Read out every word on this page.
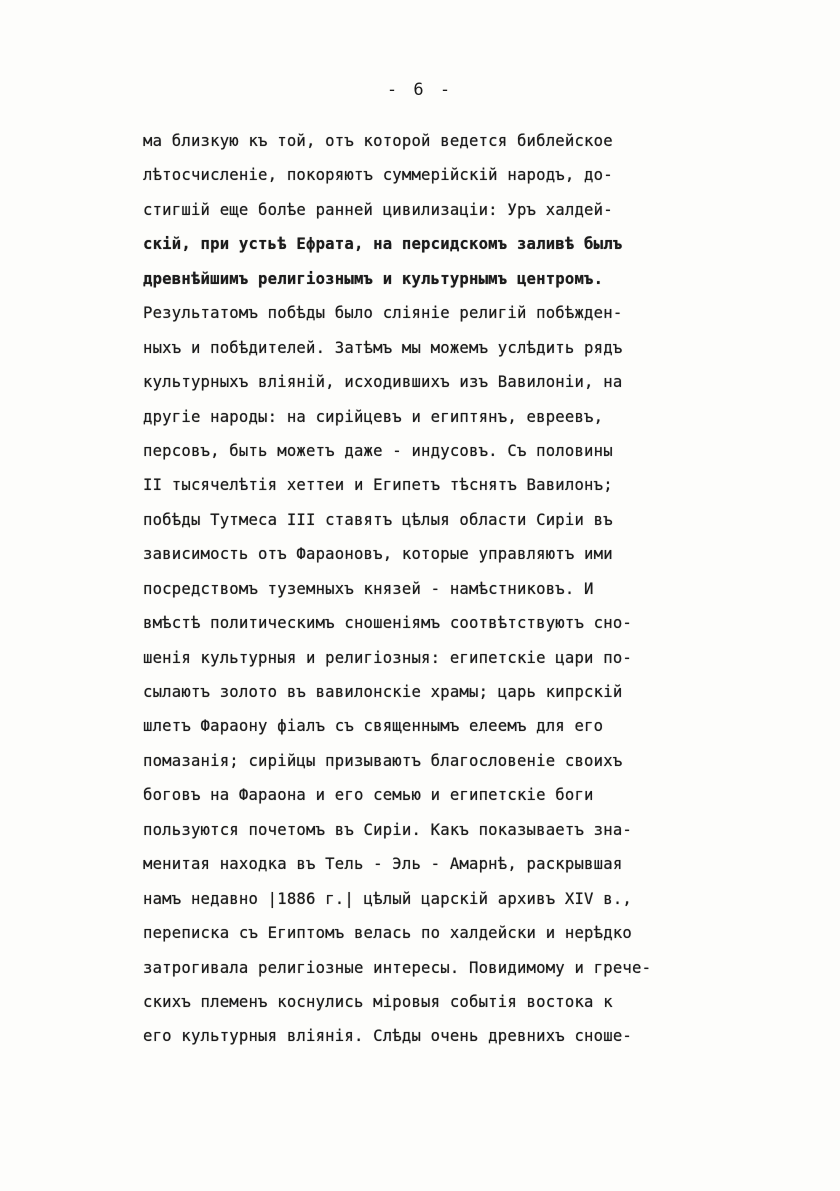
- 6 -
ма близкую къ той, отъ которой ведется библейское
лѣтосчисленіе, покоряютъ суммерійскій народъ, до-
стигшій еще болѣе ранней цивилизаціи: Уръ халдей-
скій, при устьѣ Ефрата, на персидскомъ заливѣ былъ
древнѣйшимъ религіознымъ и культурнымъ центромъ.
Результатомъ побѣды было сліяніе религій побѣжден-
ныхъ и побѣдителей. Затѣмъ мы можемъ услѣдить рядъ
культурныхъ вліяній, исходившихъ изъ Вавилоніи, на
другіе народы: на сирійцевъ и египтянъ, евреевъ,
персовъ, быть можетъ даже - индусовъ. Съ половины
II тысячелѣтія хеттеи и Египетъ тѣснятъ Вавилонъ;
побѣды Тутмеса III ставятъ цѣлыя области Сиріи въ
зависимость отъ Фараоновъ, которые управляютъ ими
посредствомъ туземныхъ князей - намѣстниковъ. И
вмѣстѣ политическимъ сношеніямъ соотвѣтствуютъ сно-
шенія культурныя и религіозныя: египетскіе цари по-
сылаютъ золото въ вавилонскіе храмы; царь кипрскій
шлетъ Фараону фіалъ съ священнымъ елеемъ для его
помазанія; сирійцы призываютъ благословеніе своихъ
боговъ на Фараона и его семью и египетскіе боги
пользуются почетомъ въ Сиріи. Какъ показываетъ зна-
менитая находка въ Тель - Эль - Амарнѣ, раскрывшая
намъ недавно |1886 г.| цѣлый царскій архивъ XIV в.,
переписка съ Египтомъ велась по халдейски и нерѣдко
затрогивала религіозные интересы. Повидимому и грече-
скихъ племенъ коснулись міровыя событія востока к
его культурныя вліянія. Слѣды очень древнихъ сноше-
